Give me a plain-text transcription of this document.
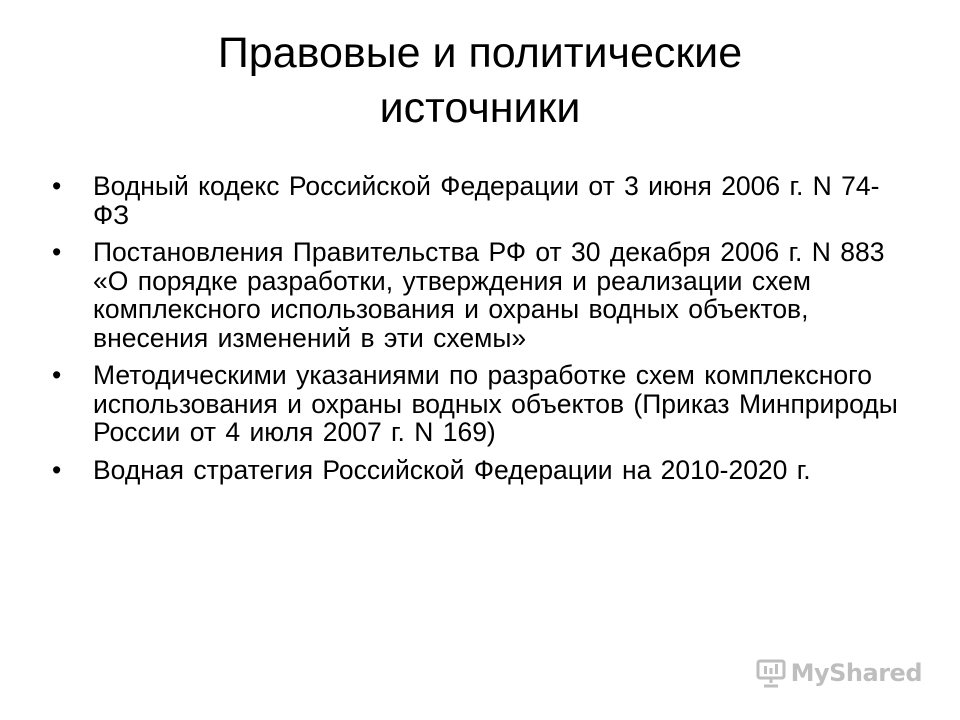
Правовые и политические
источники
• Водный кодекс Российской Федерации от 3 июня 2006 г. N 74-ФЗ
• Постановления Правительства РФ от 30 декабря 2006 г. N 883 «О порядке разработки, утверждения и реализации схем комплексного использования и охраны водных объектов, внесения изменений в эти схемы»
• Методическими указаниями по разработке схем комплексного использования и охраны водных объектов (Приказ Минприроды России от 4 июля 2007 г. N 169)
• Водная стратегия Российской Федерации на 2010-2020 г.
MyShared
